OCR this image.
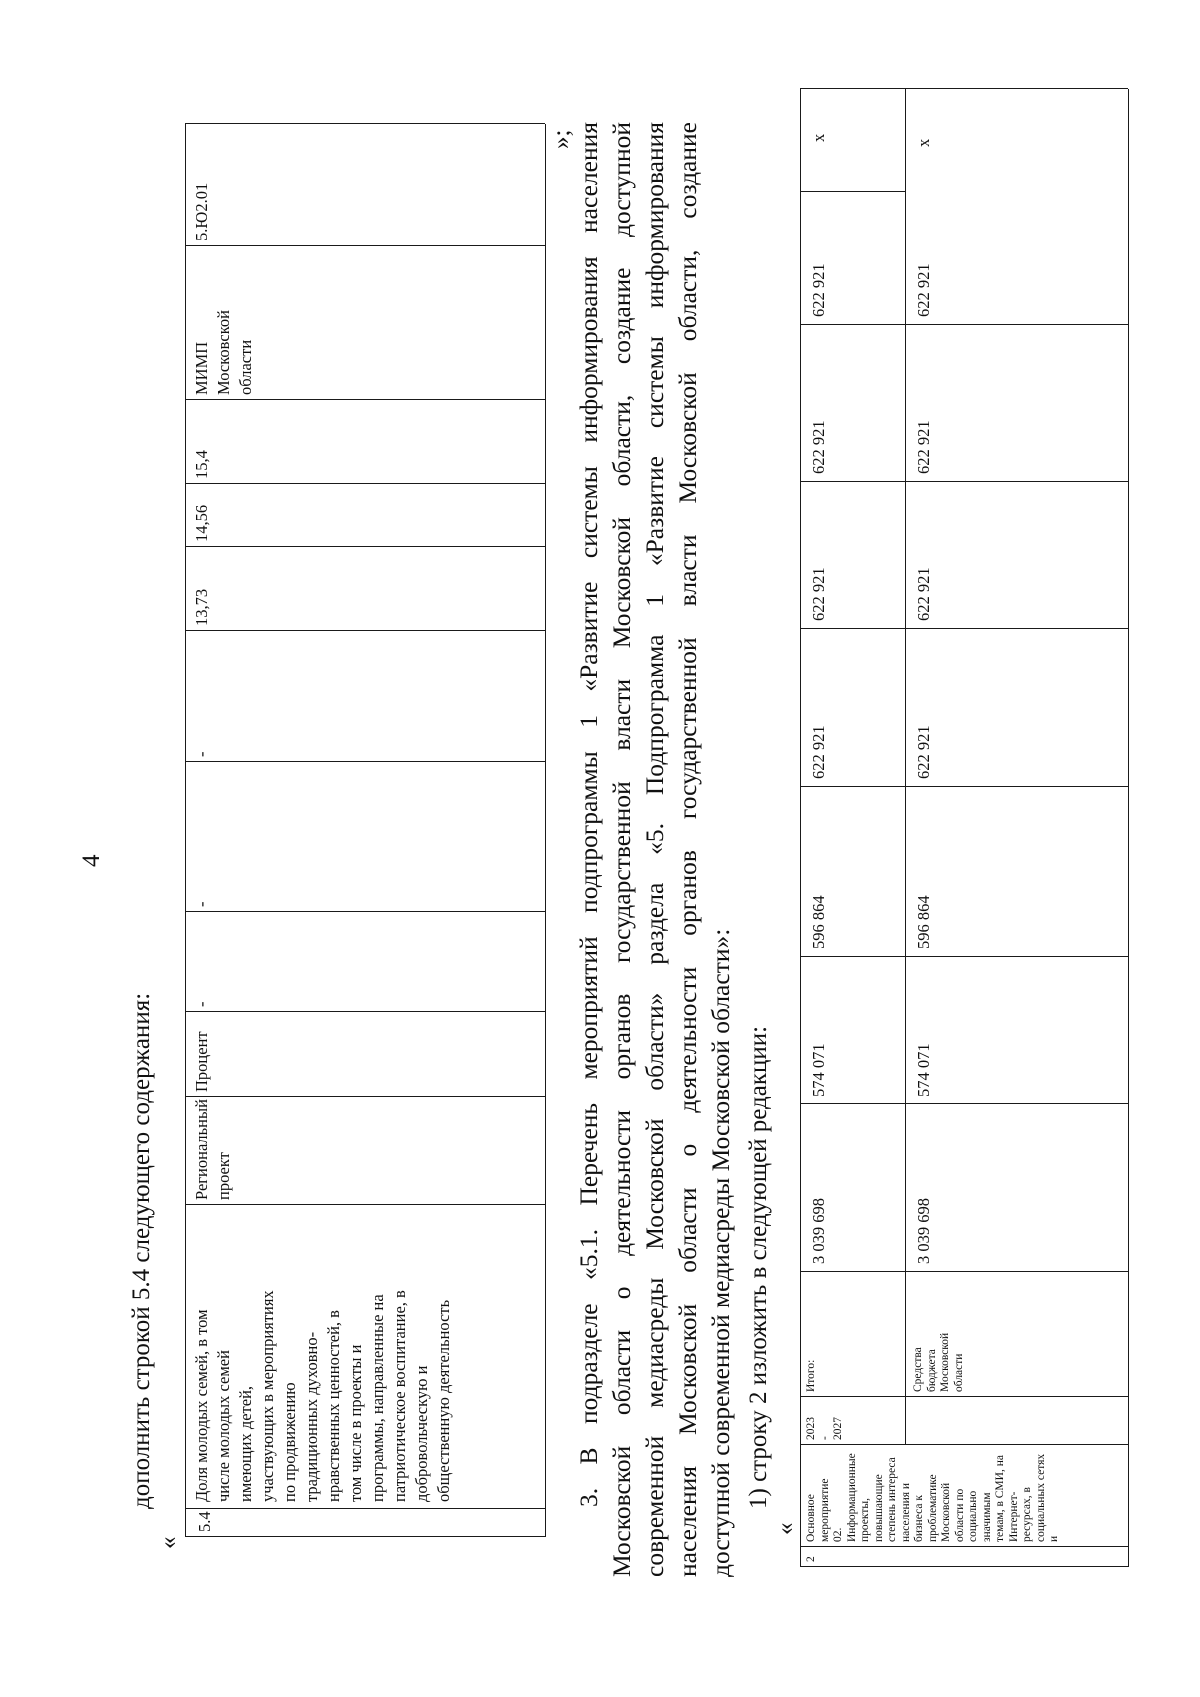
4
дополнить строкой 5.4 следующего содержания:
«
5.4
Доля молодых семей, в том числе молодых семей имеющих детей, участвующих в мероприятиях по продвижению традиционных духовно- нравственных ценностей, в том числе в проекты и программы, направленные на патриотическое воспитание, в добровольческую и общественную деятельность
Региональный проект
Процент
-
-
-
13,73
14,56
15,4
МИМП Московской области
5.Ю2.01
»; 3. В подразделе «5.1. Перечень мероприятий подпрограммы 1 «Развитие системы информирования населения Московской области о деятельности органов государственной власти Московской области, создание доступной современной медиасреды Московской области» раздела «5. Подпрограмма 1 «Развитие системы информирования населения Московской области о деятельности органов государственной власти Московской области, создание доступной современной медиасреды Московской области»: 1) строку 2 изложить в следующей редакции:
«
2
Основное мероприятие 02. Информационные проекты, повышающие степень интереса населения и бизнеса к проблематике Московской области по социально значимым темам, в СМИ, на Интернет-ресурсах, в социальных сетях и
2023 - 2027
Итого:	Средства бюджета Московской области
3 039 698
574 071
596 864
622 921
622 921
622 921
622 921
х
3 039 698
574 071
596 864
622 921
622 921
622 921
622 921
х
